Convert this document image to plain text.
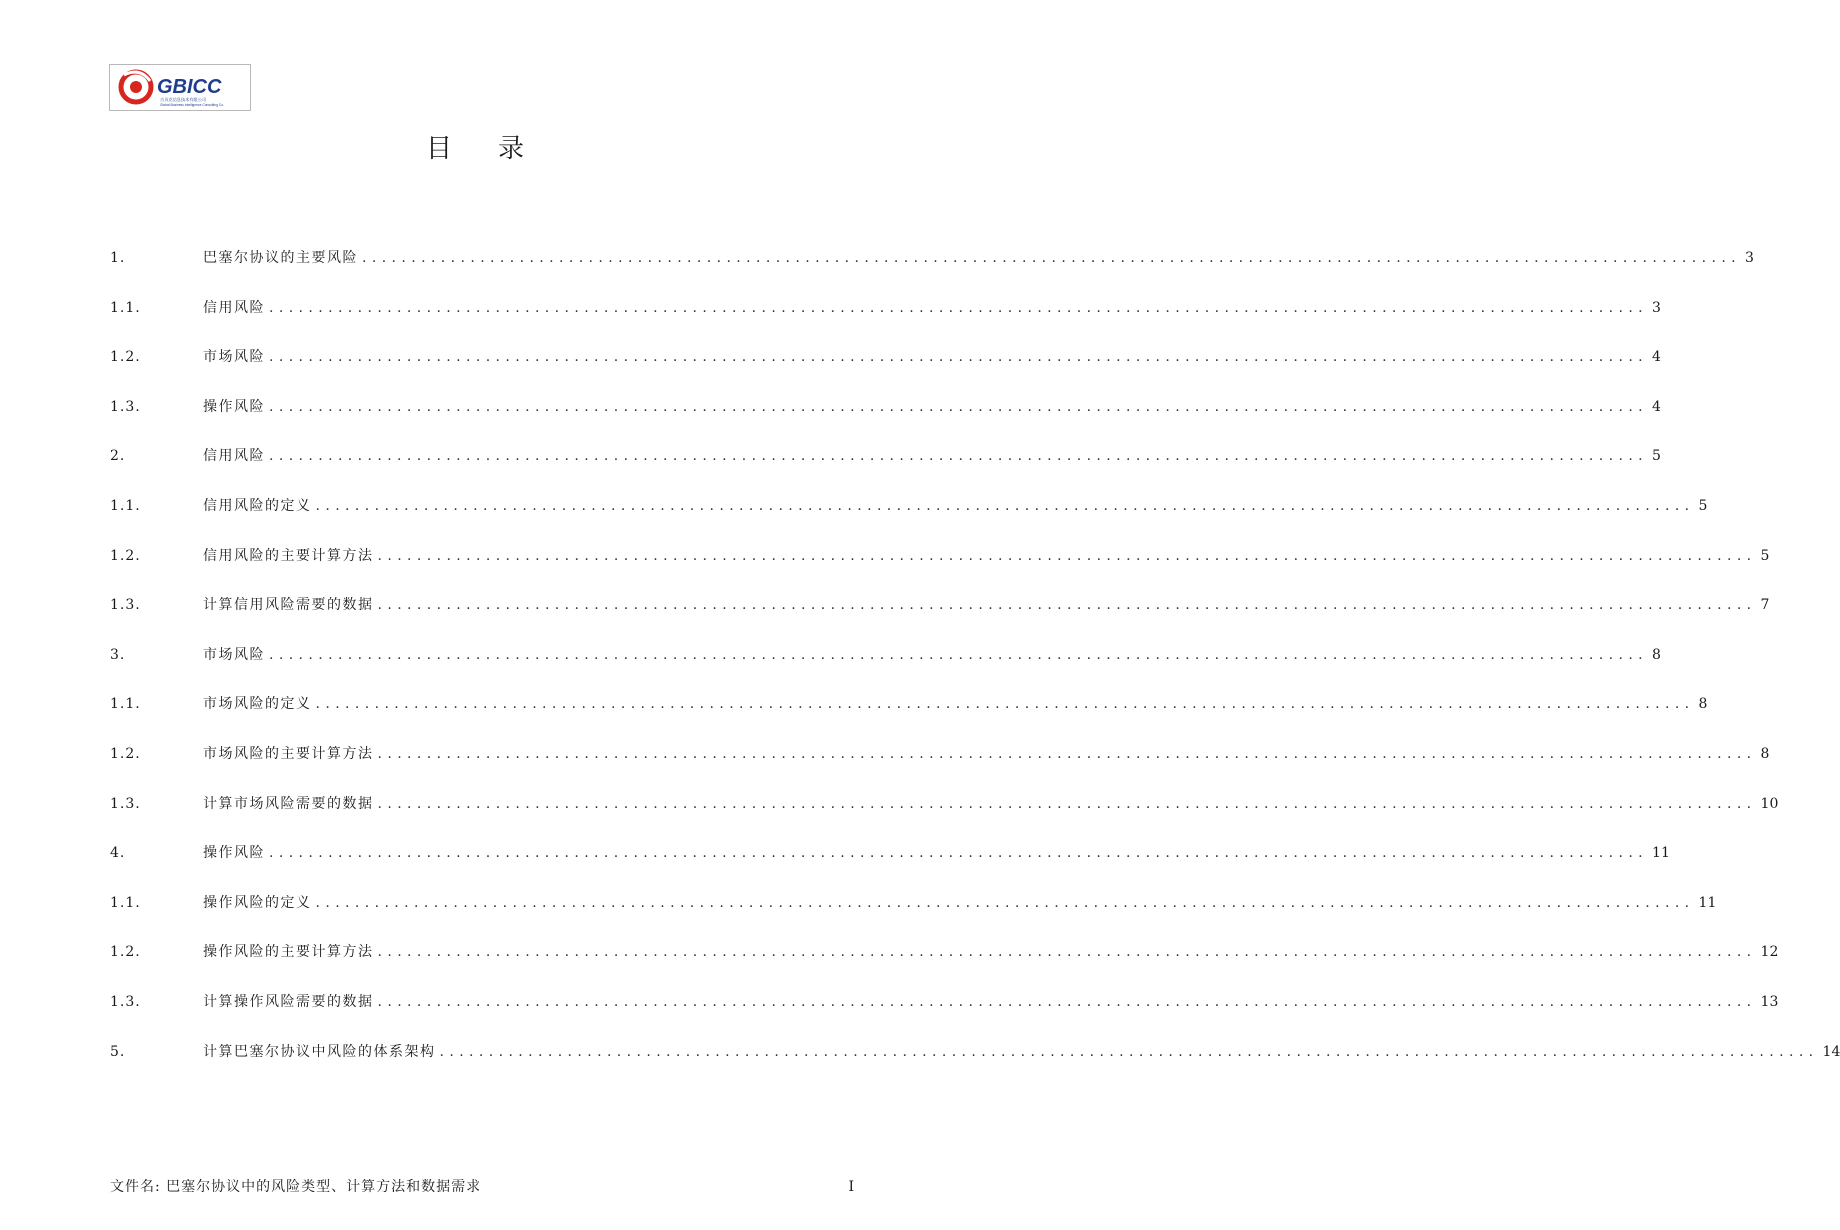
GBICC
吉贝克信息技术有限公司
Global Business Intelligence Consulting Co.
目录
1.	巴塞尔协议的主要风险 ............................................................................................................................................ 3
1.1.	信用风险 ............................................................................................................................................ 3
1.2.	市场风险 ............................................................................................................................................ 4
1.3.	操作风险 ............................................................................................................................................ 4
2.	信用风险 ............................................................................................................................................ 5
1.1.	信用风险的定义 ............................................................................................................................................ 5
1.2.	信用风险的主要计算方法 ............................................................................................................................................ 5
1.3.	计算信用风险需要的数据 ............................................................................................................................................ 7
3.	市场风险 ............................................................................................................................................ 8
1.1.	市场风险的定义 ............................................................................................................................................ 8
1.2.	市场风险的主要计算方法 ............................................................................................................................................ 8
1.3.	计算市场风险需要的数据 ............................................................................................................................................ 10
4.	操作风险 ............................................................................................................................................ 11
1.1.	操作风险的定义 ............................................................................................................................................ 11
1.2.	操作风险的主要计算方法 ............................................................................................................................................ 12
1.3.	计算操作风险需要的数据 ............................................................................................................................................ 13
5.	计算巴塞尔协议中风险的体系架构 ............................................................................................................................................ 14
文件名: 巴塞尔协议中的风险类型、计算方法和数据需求	I
